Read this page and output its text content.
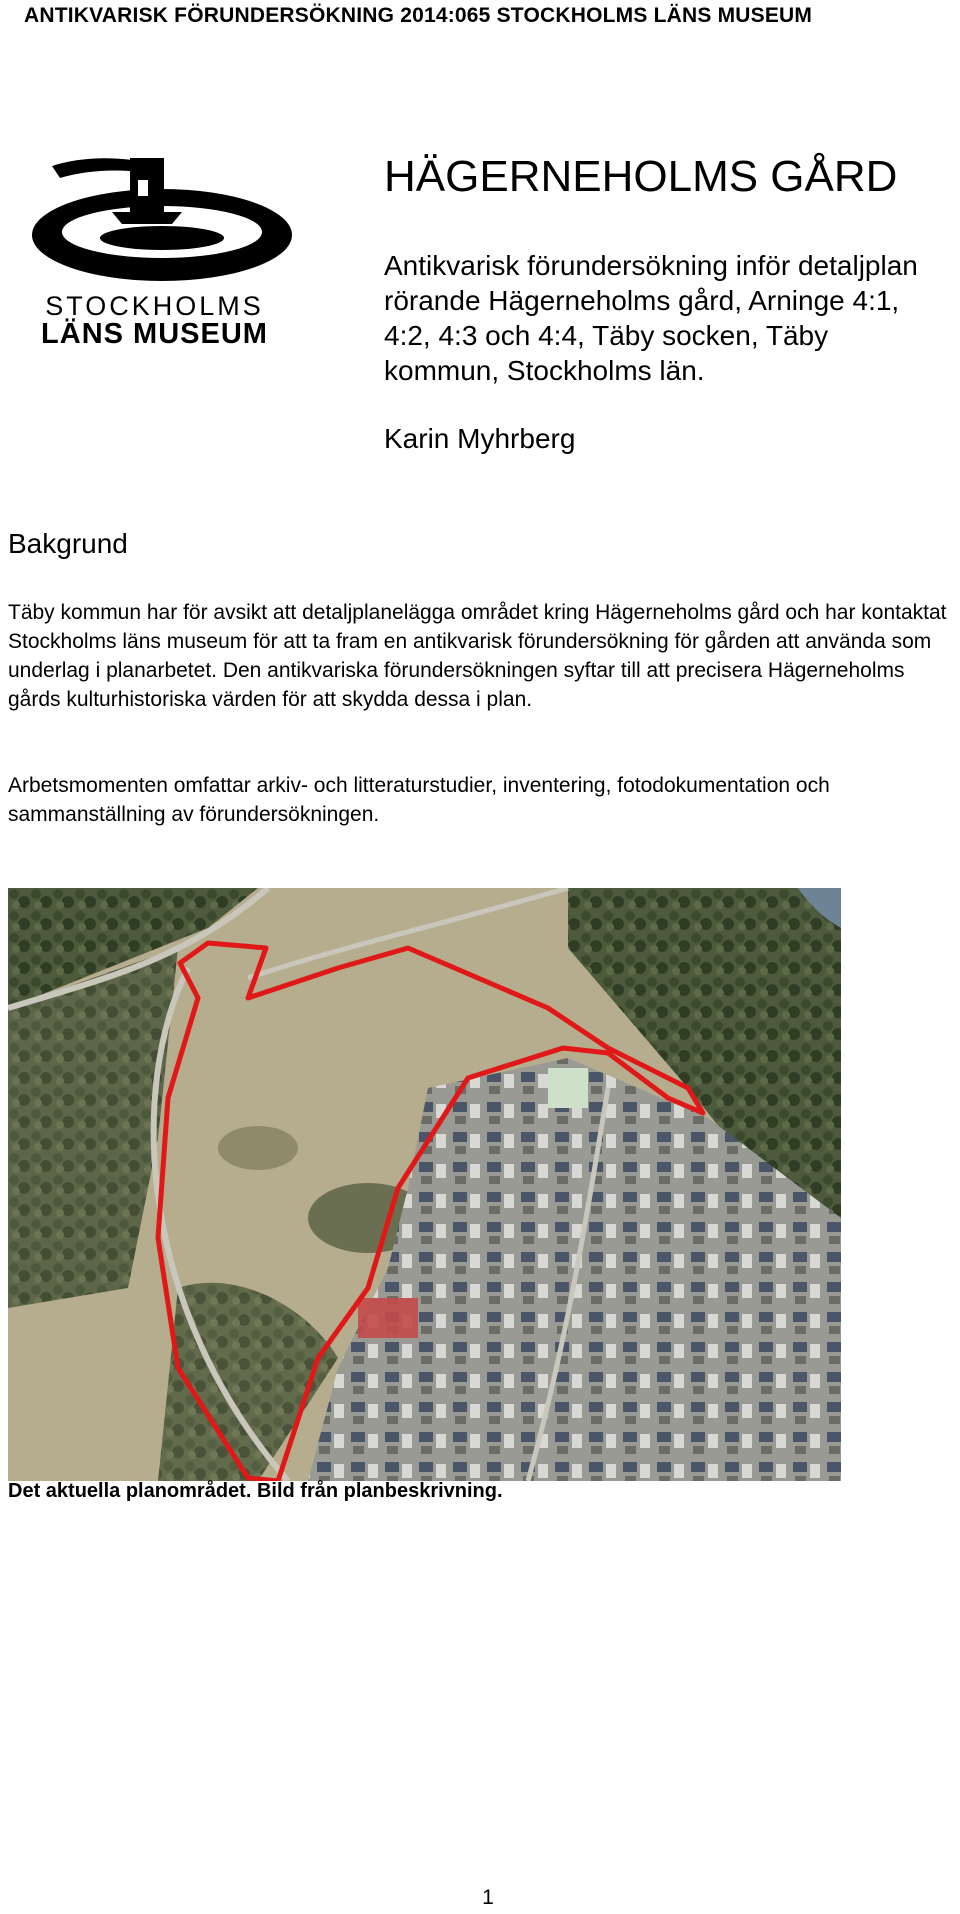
ANTIKVARISK FÖRUNDERSÖKNING 2014:065 STOCKHOLMS LÄNS MUSEUM
STOCKHOLMS
LÄNS MUSEUM
HÄGERNEHOLMS GÅRD

Antikvarisk förundersökning inför detaljplan rörande Hägerneholms gård, Arninge 4:1, 4:2, 4:3 och 4:4, Täby socken, Täby kommun, Stockholms län.

Karin Myhrberg
Bakgrund

Täby kommun har för avsikt att detaljplanelägga området kring Hägerneholms gård och har kontaktat Stockholms läns museum för att ta fram en antikvarisk förundersökning för gården att använda som underlag i planarbetet. Den antikvariska förundersökningen syftar till att precisera Hägerneholms gårds kulturhistoriska värden för att skydda dessa i plan.

Arbetsmomenten omfattar arkiv- och litteraturstudier, inventering, fotodokumentation och sammanställning av förundersökningen.

Det aktuella planområdet. Bild från planbeskrivning.
1
